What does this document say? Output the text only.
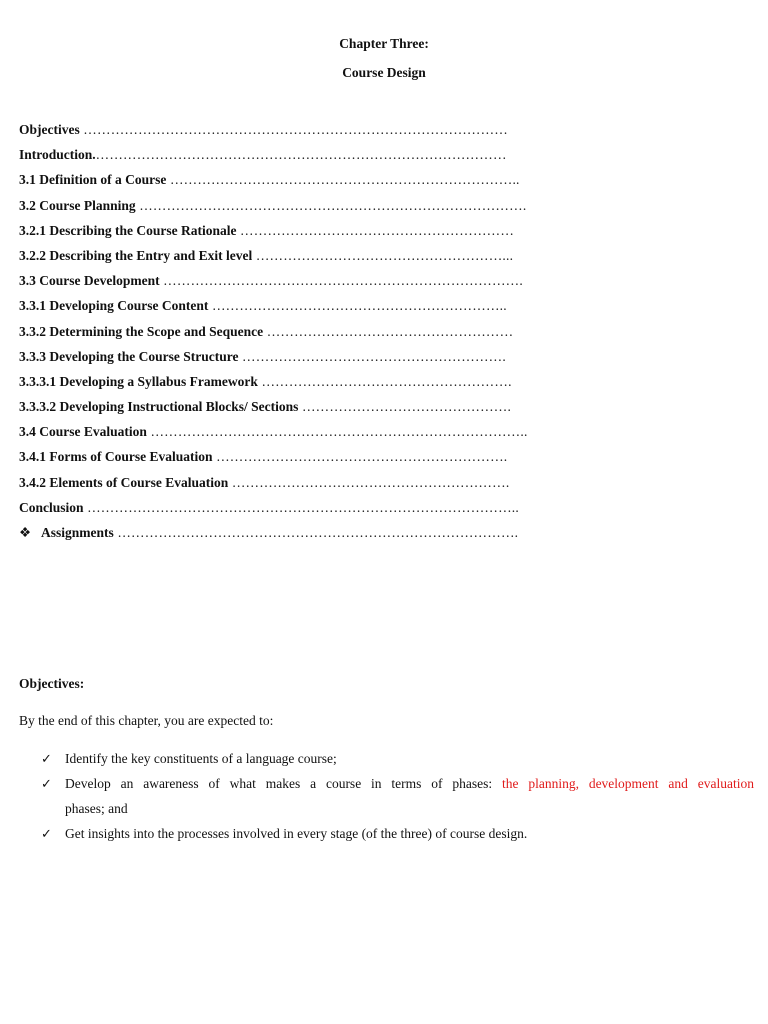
Chapter Three:
Course Design
Objectives …………………………………………………………………………………
Introduction.………………………………………………………………………………
3.1 Definition of a Course …………………………………………………………………..
3.2 Course Planning ………………………………………………………………………….
3.2.1 Describing the Course Rationale ……………………………………………………
3.2.2 Describing the Entry and Exit level ………………………………………………...
3.3 Course Development …………………………………………………………………….
3.3.1 Developing Course Content ………………………………………………………..
3.3.2 Determining the Scope and Sequence ………………………………………………
3.3.3 Developing the Course Structure ………………………………………………….
3.3.3.1 Developing a Syllabus Framework ……………………………………………….
3.3.3.2 Developing Instructional Blocks/ Sections ……………………………………….
3.4 Course Evaluation ………………………………………………………………………..
3.4.1 Forms of Course Evaluation ……………………………………………………….
3.4.2 Elements of Course Evaluation …………………………………………………….
Conclusion …………………………………………………………………………………..
❖ Assignments …………………………………………………………………………….
Objectives:
By the end of this chapter, you are expected to:
✓ Identify the key constituents of a language course;
✓ Develop an awareness of what makes a course in terms of phases: the planning, development and evaluation
phases; and
✓ Get insights into the processes involved in every stage (of the three) of course design.
